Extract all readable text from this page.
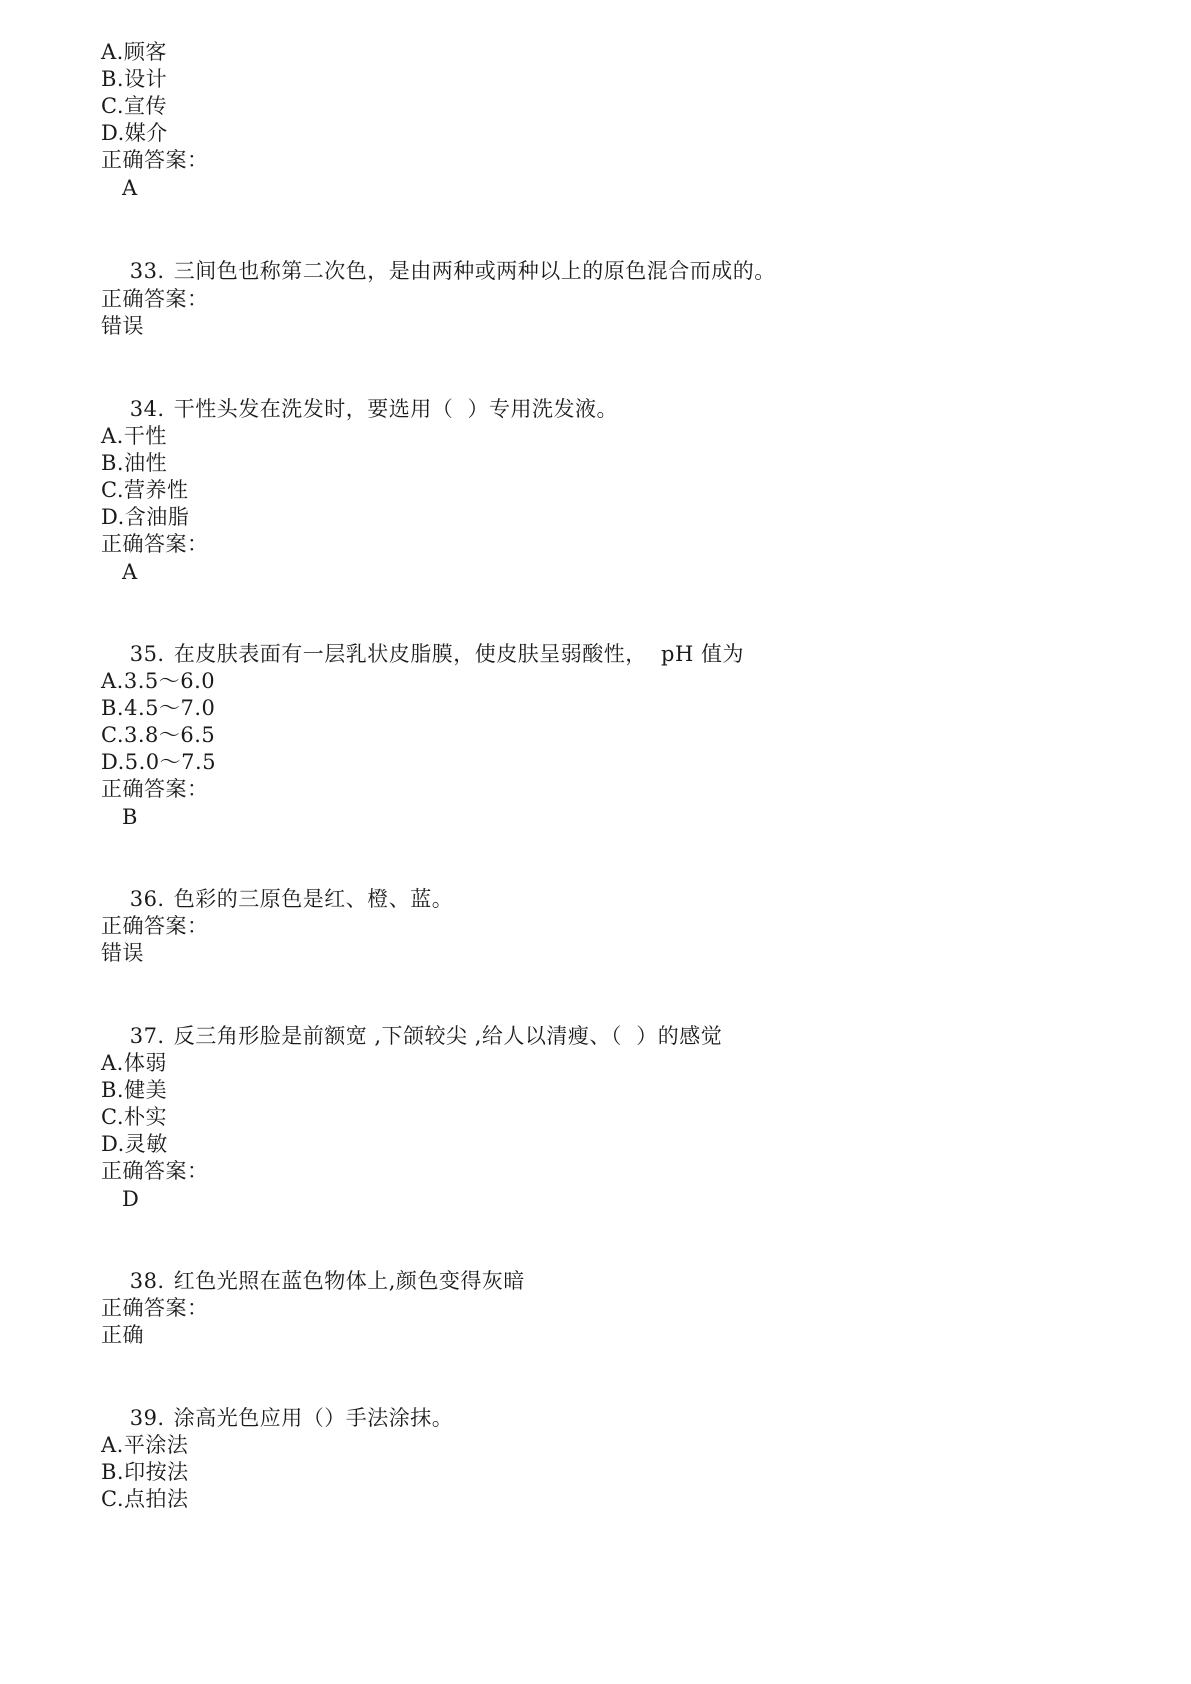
A.顾客
B.设计
C.宣传
D.媒介
正确答案：
A

33. 三间色也称第二次色，是由两种或两种以上的原色混合而成的。

正确答案：
错误

34. 干性头发在洗发时，要选用（  ）专用洗发液。

A.干性
B.油性
C.营养性
D.含油脂
正确答案：
A

35. 在皮肤表面有一层乳状皮脂膜，使皮肤呈弱酸性，  pH 值为

A.3.5～6.0
B.4.5～7.0
C.3.8～6.5
D.5.0～7.5
正确答案：
B

36. 色彩的三原色是红、橙、蓝。

正确答案：
错误

37. 反三角形脸是前额宽 ,下颌较尖 ,给人以清瘦、（  ）的感觉

A.体弱
B.健美
C.朴实
D.灵敏
正确答案：
D

38. 红色光照在蓝色物体上,颜色变得灰暗

正确答案：
正确

39. 涂高光色应用（）手法涂抹。

A.平涂法
B.印按法
C.点拍法
